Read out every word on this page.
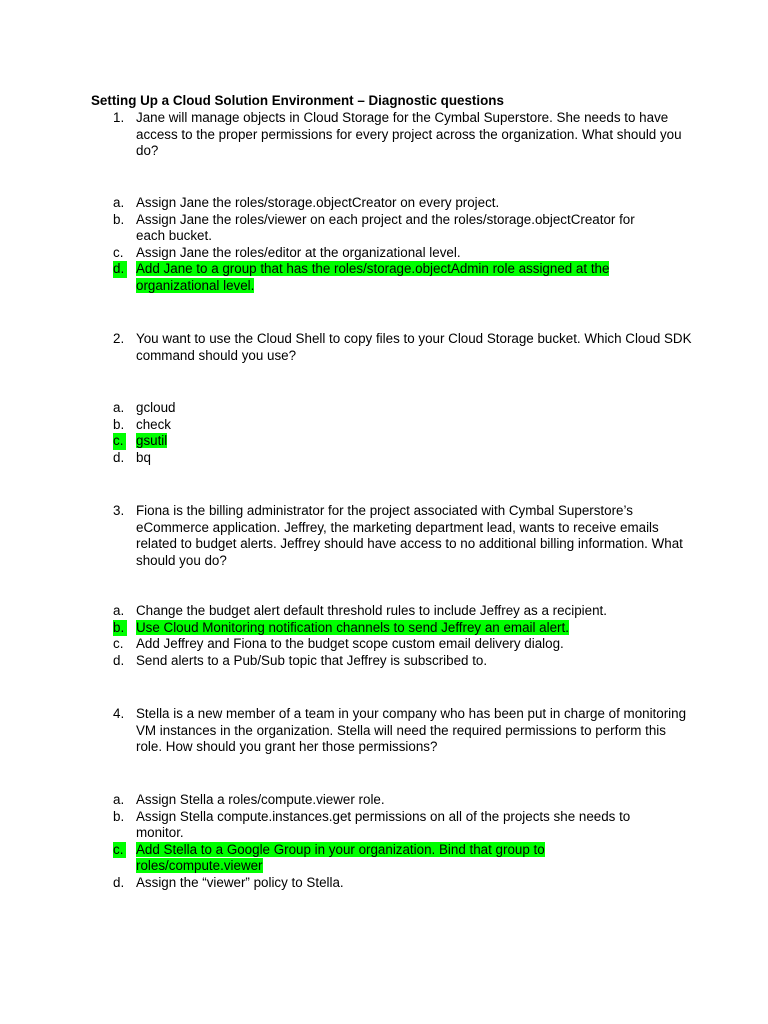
Setting Up a Cloud Solution Environment – Diagnostic questions
1. Jane will manage objects in Cloud Storage for the Cymbal Superstore. She needs to have access to the proper permissions for every project across the organization. What should you do?
a. Assign Jane the roles/storage.objectCreator on every project.
b. Assign Jane the roles/viewer on each project and the roles/storage.objectCreator for each bucket.
c. Assign Jane the roles/editor at the organizational level.
d. Add Jane to a group that has the roles/storage.objectAdmin role assigned at the organizational level.
2. You want to use the Cloud Shell to copy files to your Cloud Storage bucket. Which Cloud SDK command should you use?
a. gcloud
b. check
c. gsutil
d. bq
3. Fiona is the billing administrator for the project associated with Cymbal Superstore’s eCommerce application. Jeffrey, the marketing department lead, wants to receive emails related to budget alerts. Jeffrey should have access to no additional billing information. What should you do?
a. Change the budget alert default threshold rules to include Jeffrey as a recipient.
b. Use Cloud Monitoring notification channels to send Jeffrey an email alert.
c. Add Jeffrey and Fiona to the budget scope custom email delivery dialog.
d. Send alerts to a Pub/Sub topic that Jeffrey is subscribed to.
4. Stella is a new member of a team in your company who has been put in charge of monitoring VM instances in the organization. Stella will need the required permissions to perform this role. How should you grant her those permissions?
a. Assign Stella a roles/compute.viewer role.
b. Assign Stella compute.instances.get permissions on all of the projects she needs to monitor.
c. Add Stella to a Google Group in your organization. Bind that group to roles/compute.viewer
d. Assign the “viewer” policy to Stella.
